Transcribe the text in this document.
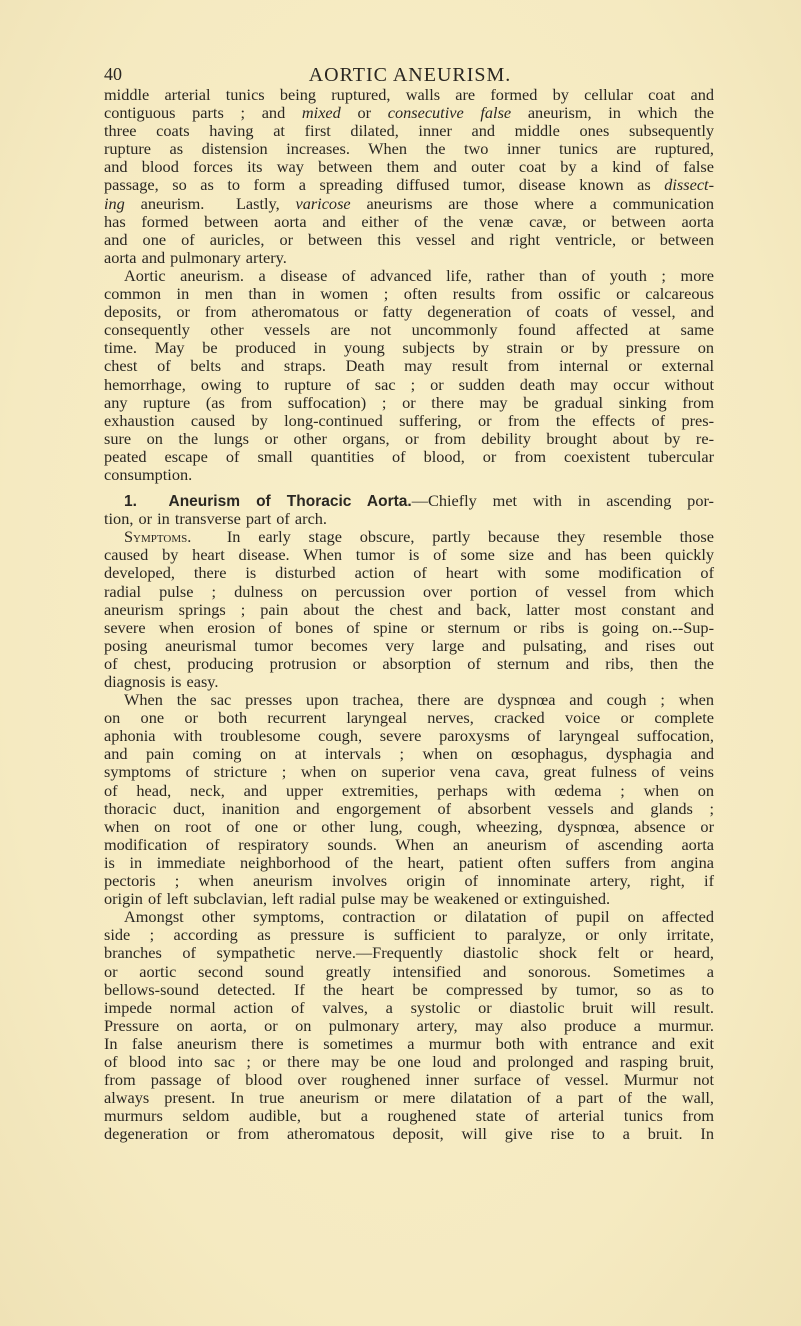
40	AORTIC ANEURISM.
middle arterial tunics being ruptured, walls are formed by cellular coat and
contiguous parts ; and mixed or consecutive false aneurism, in which the
three coats having at first dilated, inner and middle ones subsequently
rupture as distension increases. When the two inner tunics are ruptured,
and blood forces its way between them and outer coat by a kind of false
passage, so as to form a spreading diffused tumor, disease known as dissect-
ing aneurism.  Lastly, varicose aneurisms are those where a communication
has formed between aorta and either of the venæ cavæ, or between aorta
and one of auricles, or between this vessel and right ventricle, or between
aorta and pulmonary artery.
Aortic aneurism. a disease of advanced life, rather than of youth ; more
common in men than in women ; often results from ossific or calcareous
deposits, or from atheromatous or fatty degeneration of coats of vessel, and
consequently other vessels are not uncommonly found affected at same
time. May be produced in young subjects by strain or by pressure on
chest of belts and straps. Death may result from internal or external
hemorrhage, owing to rupture of sac ; or sudden death may occur without
any rupture (as from suffocation) ; or there may be gradual sinking from
exhaustion caused by long-continued suffering, or from the effects of pres-
sure on the lungs or other organs, or from debility brought about by re-
peated escape of small quantities of blood, or from coexistent tubercular
consumption.
1.  Aneurism of Thoracic Aorta.—Chiefly met with in ascending por-
tion, or in transverse part of arch.
Symptoms.  In early stage obscure, partly because they resemble those
caused by heart disease. When tumor is of some size and has been quickly
developed, there is disturbed action of heart with some modification of
radial pulse ; dulness on percussion over portion of vessel from which
aneurism springs ; pain about the chest and back, latter most constant and
severe when erosion of bones of spine or sternum or ribs is going on.--Sup-
posing aneurismal tumor becomes very large and pulsating, and rises out
of chest, producing protrusion or absorption of sternum and ribs, then the
diagnosis is easy.
When the sac presses upon trachea, there are dyspnœa and cough ; when
on one or both recurrent laryngeal nerves, cracked voice or complete
aphonia with troublesome cough, severe paroxysms of laryngeal suffocation,
and pain coming on at intervals ; when on œsophagus, dysphagia and
symptoms of stricture ; when on superior vena cava, great fulness of veins
of head, neck, and upper extremities, perhaps with œdema ; when on
thoracic duct, inanition and engorgement of absorbent vessels and glands ;
when on root of one or other lung, cough, wheezing, dyspnœa, absence or
modification of respiratory sounds. When an aneurism of ascending aorta
is in immediate neighborhood of the heart, patient often suffers from angina
pectoris ; when aneurism involves origin of innominate artery, right, if
origin of left subclavian, left radial pulse may be weakened or extinguished.
Amongst other symptoms, contraction or dilatation of pupil on affected
side ; according as pressure is sufficient to paralyze, or only irritate,
branches of sympathetic nerve.—Frequently diastolic shock felt or heard,
or aortic second sound greatly intensified and sonorous. Sometimes a
bellows-sound detected. If the heart be compressed by tumor, so as to
impede normal action of valves, a systolic or diastolic bruit will result.
Pressure on aorta, or on pulmonary artery, may also produce a murmur.
In false aneurism there is sometimes a murmur both with entrance and exit
of blood into sac ; or there may be one loud and prolonged and rasping bruit,
from passage of blood over roughened inner surface of vessel. Murmur not
always present. In true aneurism or mere dilatation of a part of the wall,
murmurs seldom audible, but a roughened state of arterial tunics from
degeneration or from atheromatous deposit, will give rise to a bruit. In
